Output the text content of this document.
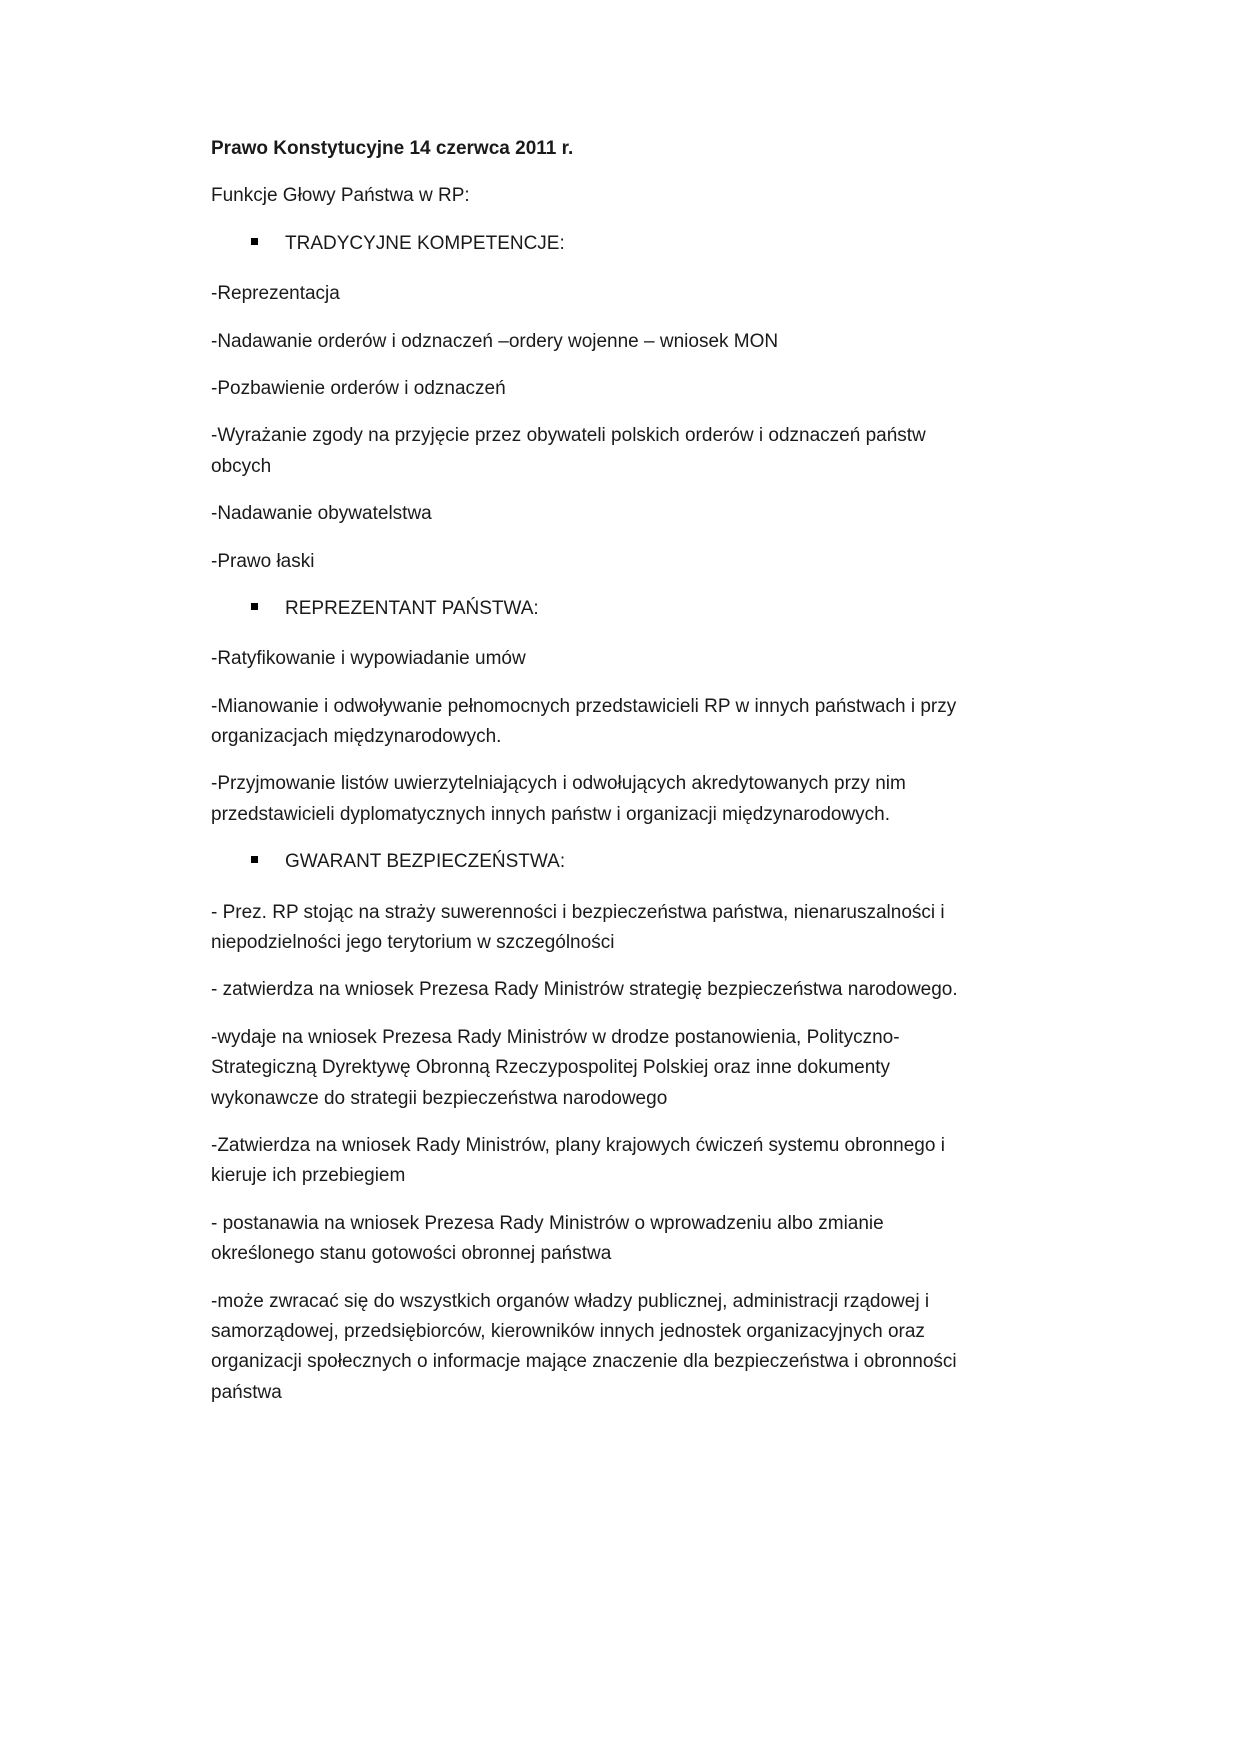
Prawo Konstytucyjne 14 czerwca 2011 r.

Funkcje Głowy Państwa w RP:

TRADYCYJNE KOMPETENCJE:

-Reprezentacja

-Nadawanie orderów i odznaczeń –ordery wojenne – wniosek MON

-Pozbawienie orderów i odznaczeń

-Wyrażanie zgody na przyjęcie przez obywateli polskich orderów i odznaczeń państw obcych

-Nadawanie obywatelstwa

-Prawo łaski

REPREZENTANT PAŃSTWA:

-Ratyfikowanie i wypowiadanie umów

-Mianowanie i odwoływanie pełnomocnych przedstawicieli RP w innych państwach i przy organizacjach międzynarodowych.

-Przyjmowanie listów uwierzytelniających i odwołujących akredytowanych przy nim przedstawicieli dyplomatycznych innych państw i organizacji międzynarodowych.

GWARANT BEZPIECZEŃSTWA:

- Prez. RP stojąc na straży suwerenności i bezpieczeństwa państwa, nienaruszalności i niepodzielności jego terytorium w szczególności

- zatwierdza na wniosek Prezesa Rady Ministrów strategię bezpieczeństwa narodowego.

-wydaje na wniosek Prezesa Rady Ministrów w drodze postanowienia, Polityczno-Strategiczną Dyrektywę Obronną Rzeczypospolitej Polskiej oraz inne dokumenty wykonawcze do strategii bezpieczeństwa narodowego

-Zatwierdza na wniosek Rady Ministrów, plany krajowych ćwiczeń systemu obronnego i kieruje ich przebiegiem

- postanawia na wniosek Prezesa Rady Ministrów o wprowadzeniu albo zmianie określonego stanu gotowości obronnej państwa

-może zwracać się do wszystkich organów władzy publicznej, administracji rządowej i samorządowej, przedsiębiorców, kierowników innych jednostek organizacyjnych oraz organizacji społecznych o informacje mające znaczenie dla bezpieczeństwa i obronności państwa
